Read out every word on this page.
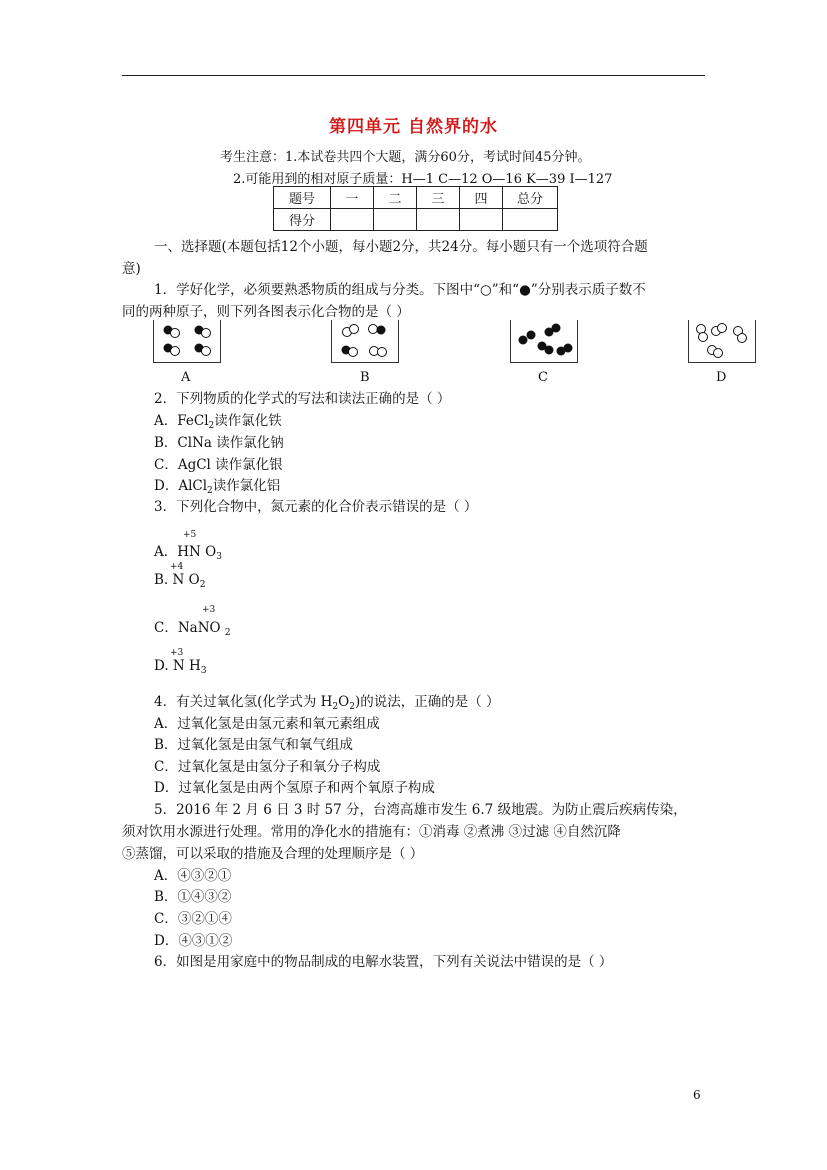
第四单元 自然界的水
考生注意：1.本试卷共四个大题，满分60分，考试时间45分钟。
2.可能用到的相对原子质量：H—1 C—12 O—16 K—39 I—127
题号	一	二	三	四	总分
得分					
一、选择题(本题包括12个小题，每小题2分，共24分。每小题只有一个选项符合题
意)
1．学好化学，必须要熟悉物质的组成与分类。下图中“○”和“●”分别表示质子数不
同的两种原子，则下列各图表示化合物的是（ ）
A	B	C	D
2．下列物质的化学式的写法和读法正确的是（ ）
A．FeCl$_2$读作氯化铁
B．ClNa 读作氯化钠
C．AgCl 读作氯化银
D．AlCl$_2$读作氯化铝
3．下列化合物中，氮元素的化合价表示错误的是（ ）
+5
A．HN $O_3$
+4
B. N $O_2$
+3
C．NaNO $_2$
+3
D. N $H_3$
4．有关过氧化氢(化学式为 $H_2O_2$)的说法，正确的是（ ）
A．过氧化氢是由氢元素和氧元素组成
B．过氧化氢是由氢气和氧气组成
C．过氧化氢是由氢分子和氧分子构成
D．过氧化氢是由两个氢原子和两个氧原子构成
5．2016 年 2 月 6 日 3 时 57 分，台湾高雄市发生 6.7 级地震。为防止震后疾病传染，
须对饮用水源进行处理。常用的净化水的措施有：①消毒 ②煮沸 ③过滤 ④自然沉降
⑤蒸馏，可以采取的措施及合理的处理顺序是（ ）
A．④③②①
B．①④③②
C．③②①④
D．④③①②
6．如图是用家庭中的物品制成的电解水装置，下列有关说法中错误的是（ ）
6
